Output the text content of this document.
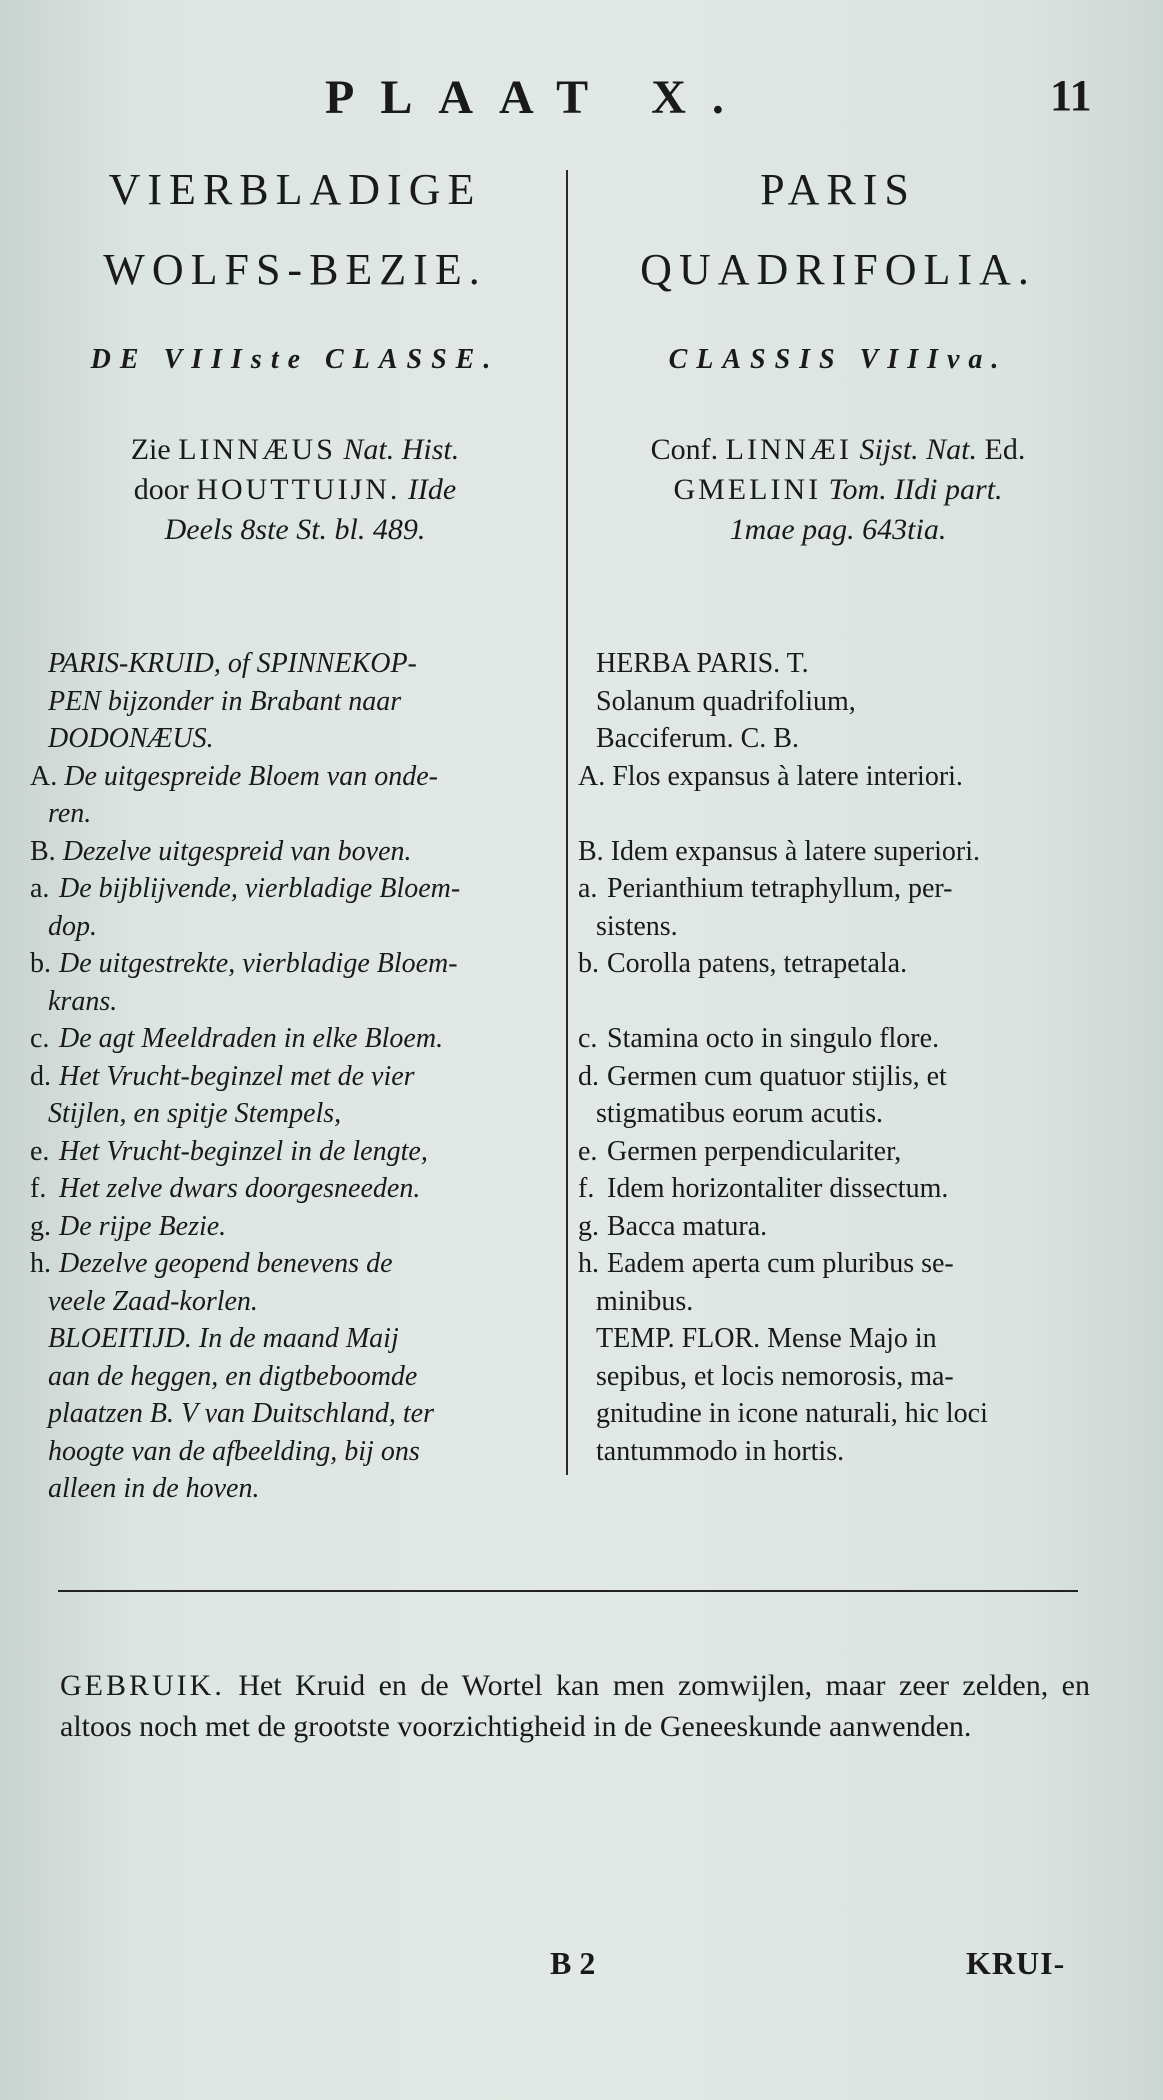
PLAAT X.	11
VIERBLADIGE
WOLFS-BEZIE.
DE VIIIste CLASSE.
Zie LINNÆUS Nat. Hist.
door HOUTTUIJN. IIde
Deels 8ste St. bl. 489.
PARIS
QUADRIFOLIA.
CLASSIS VIIIva.
Conf. LINNÆI Sijst. Nat. Ed.
GMELINI Tom. IIdi part.
1mae pag. 643tia.
PARIS-KRUID, of SPINNEKOP-
PEN bijzonder in Brabant naar
DODONÆUS.
A. De uitgespreide Bloem van onde-
ren.
B. Dezelve uitgespreid van boven.
a. De bijblijvende, vierbladige Bloem-
dop.
b. De uitgestrekte, vierbladige Bloem-
krans.
c. De agt Meeldraden in elke Bloem.
d. Het Vrucht-beginzel met de vier
Stijlen, en spitje Stempels,
e. Het Vrucht-beginzel in de lengte,
f. Het zelve dwars doorgesneeden.
g. De rijpe Bezie.
h. Dezelve geopend benevens de
veele Zaad-korlen.
BLOEITIJD. In de maand Maij
aan de heggen, en digtbeboomde
plaatzen B. V van Duitschland, ter
hoogte van de afbeelding, bij ons
alleen in de hoven.
HERBA PARIS. T.
Solanum quadrifolium,
Bacciferum. C. B.
A. Flos expansus à latere interiori.

B. Idem expansus à latere superiori.
a. Perianthium tetraphyllum, per-
sistens.
b. Corolla patens, tetrapetala.

c. Stamina octo in singulo flore.
d. Germen cum quatuor stijlis, et
stigmatibus eorum acutis.
e. Germen perpendiculariter,
f. Idem horizontaliter dissectum.
g. Bacca matura.
h. Eadem aperta cum pluribus se-
minibus.
TEMP. FLOR. Mense Majo in
sepibus, et locis nemorosis, ma-
gnitudine in icone naturali, hic loci
tantummodo in hortis.
GEBRUIK. Het Kruid en de Wortel kan men zomwijlen, maar zeer zelden, en altoos noch met de grootste voorzichtigheid in de Geneeskunde aanwenden.
B 2	KRUI-
